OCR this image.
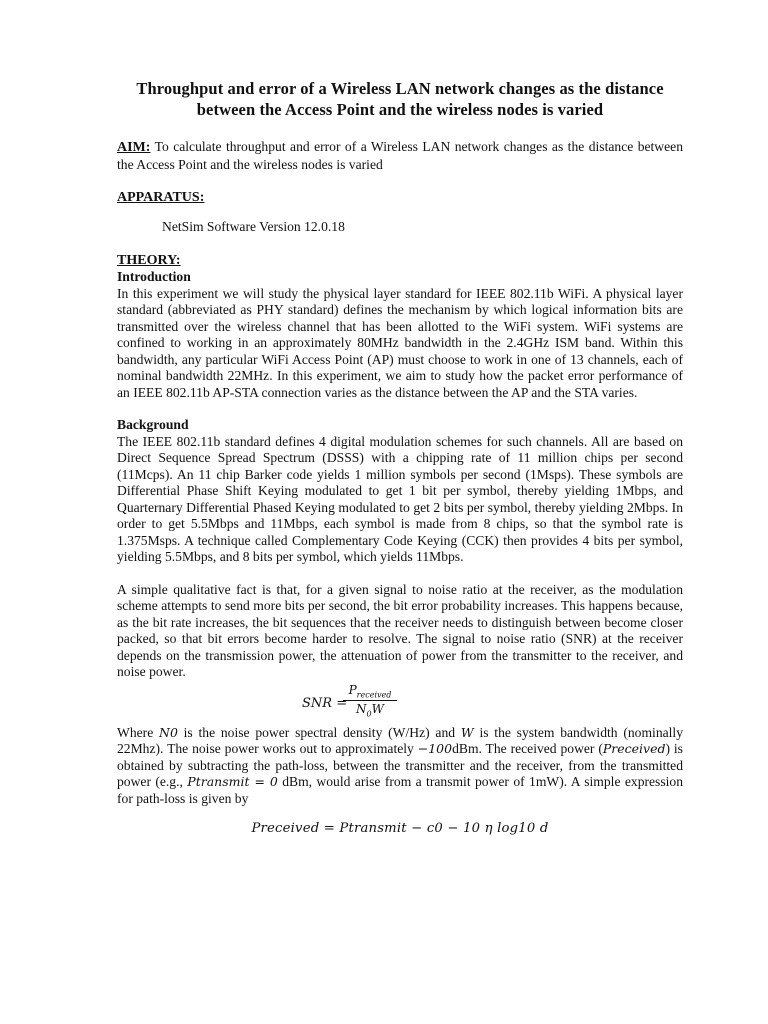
Throughput and error of a Wireless LAN network changes as the distance between the Access Point and the wireless nodes is varied

AIM: To calculate throughput and error of a Wireless LAN network changes as the distance between the Access Point and the wireless nodes is varied

APPARATUS:
NetSim Software Version 12.0.18
THEORY:
Introduction

In this experiment we will study the physical layer standard for IEEE 802.11b WiFi. A physical layer standard (abbreviated as PHY standard) defines the mechanism by which logical information bits are transmitted over the wireless channel that has been allotted to the WiFi system. WiFi systems are confined to working in an approximately 80MHz bandwidth in the 2.4GHz ISM band. Within this bandwidth, any particular WiFi Access Point (AP) must choose to work in one of 13 channels, each of nominal bandwidth 22MHz. In this experiment, we aim to study how the packet error performance of an IEEE 802.11b AP-STA connection varies as the distance between the AP and the STA varies.

Background

The IEEE 802.11b standard defines 4 digital modulation schemes for such channels. All are based on Direct Sequence Spread Spectrum (DSSS) with a chipping rate of 11 million chips per second (11Mcps). An 11 chip Barker code yields 1 million symbols per second (1Msps). These symbols are Differential Phase Shift Keying modulated to get 1 bit per symbol, thereby yielding 1Mbps, and Quarternary Differential Phased Keying modulated to get 2 bits per symbol, thereby yielding 2Mbps. In order to get 5.5Mbps and 11Mbps, each symbol is made from 8 chips, so that the symbol rate is 1.375Msps. A technique called Complementary Code Keying (CCK) then provides 4 bits per symbol, yielding 5.5Mbps, and 8 bits per symbol, which yields 11Mbps.

A simple qualitative fact is that, for a given signal to noise ratio at the receiver, as the modulation scheme attempts to send more bits per second, the bit error probability increases. This happens because, as the bit rate increases, the bit sequences that the receiver needs to distinguish between become closer packed, so that bit errors become harder to resolve. The signal to noise ratio (SNR) at the receiver depends on the transmission power, the attenuation of power from the transmitter to the receiver, and noise power.

SNR =
$P_{received}$
$N_0W$

Where N0 is the noise power spectral density (W/Hz) and W is the system bandwidth (nominally 22Mhz). The noise power works out to approximately −100dBm. The received power (Preceived) is obtained by subtracting the path-loss, between the transmitter and the receiver, from the transmitted power (e.g., Ptransmit = 0 dBm, would arise from a transmit power of 1mW). A simple expression for path-loss is given by

Preceived = Ptransmit − c0 − 10 η log10 d
